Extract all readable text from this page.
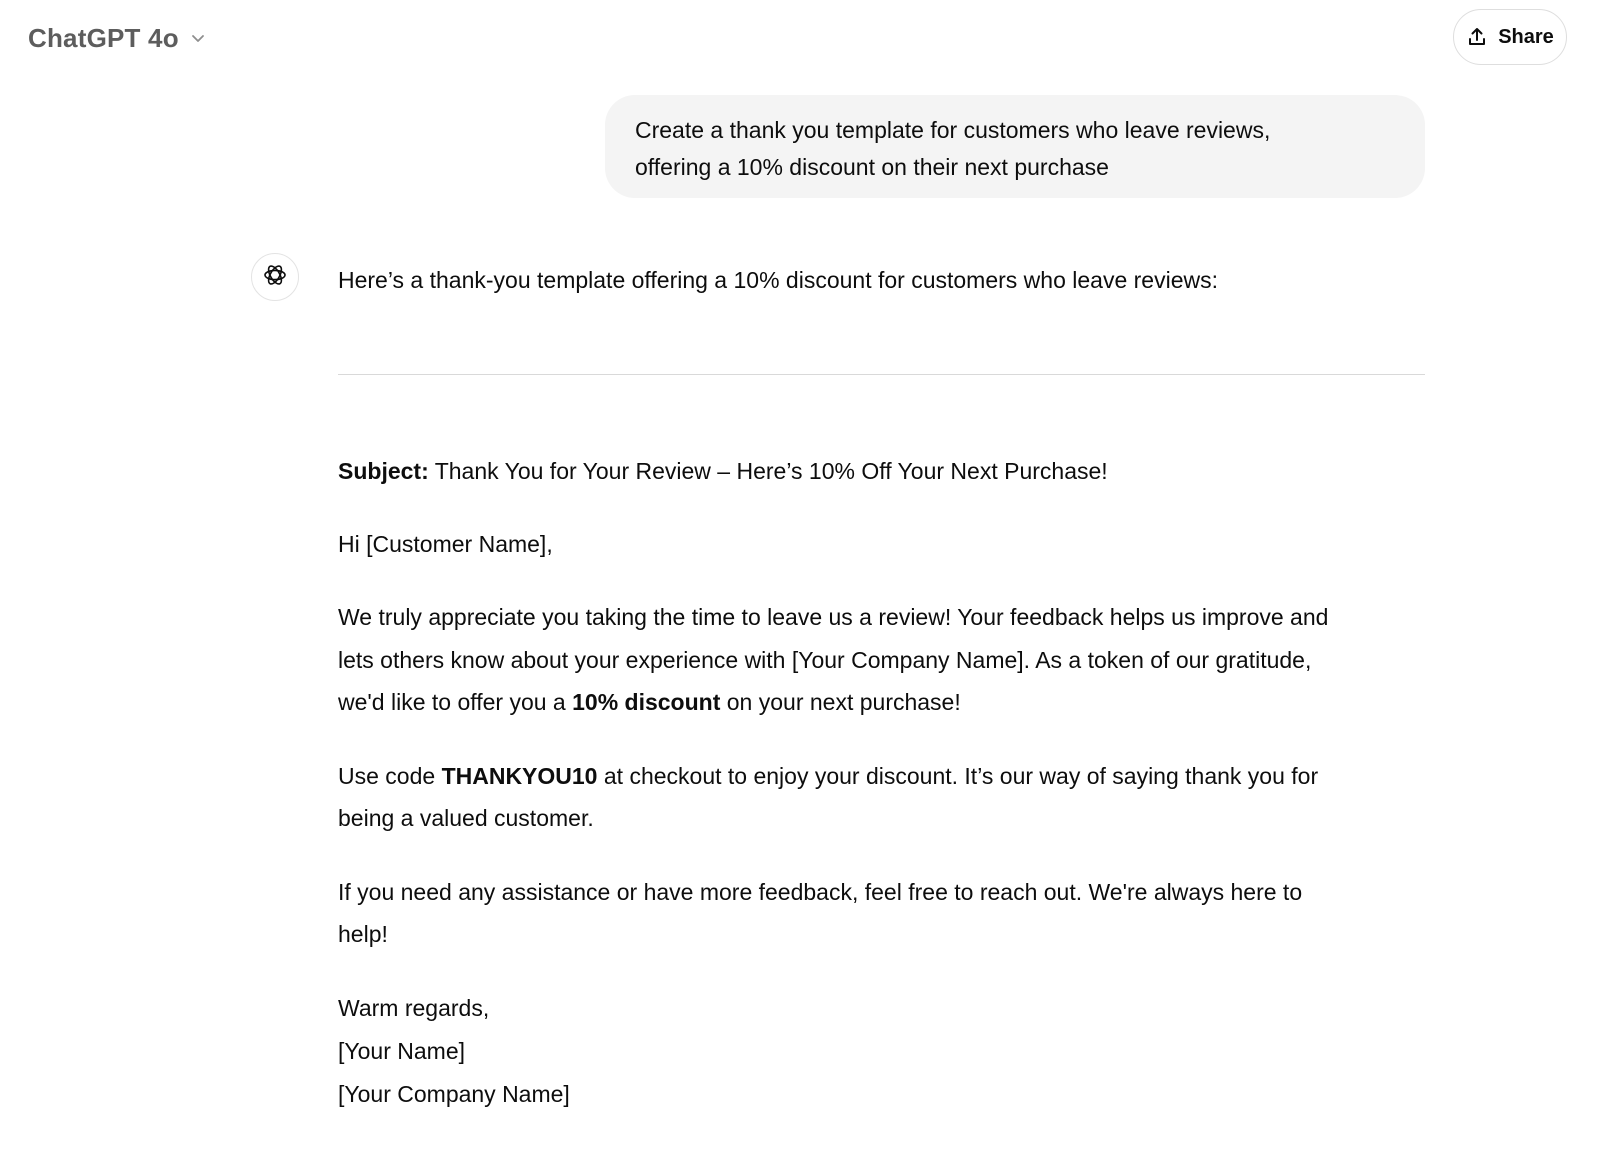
ChatGPT 4o	Share
Create a thank you template for customers who leave reviews,
offering a 10% discount on their next purchase

Here’s a thank-you template offering a 10% discount for customers who leave reviews:

Subject: Thank You for Your Review – Here’s 10% Off Your Next Purchase!

Hi [Customer Name],

We truly appreciate you taking the time to leave us a review! Your feedback helps us improve and
lets others know about your experience with [Your Company Name]. As a token of our gratitude,
we'd like to offer you a 10% discount on your next purchase!

Use code THANKYOU10 at checkout to enjoy your discount. It’s our way of saying thank you for
being a valued customer.

If you need any assistance or have more feedback, feel free to reach out. We're always here to
help!

Warm regards,
[Your Name]
[Your Company Name]
